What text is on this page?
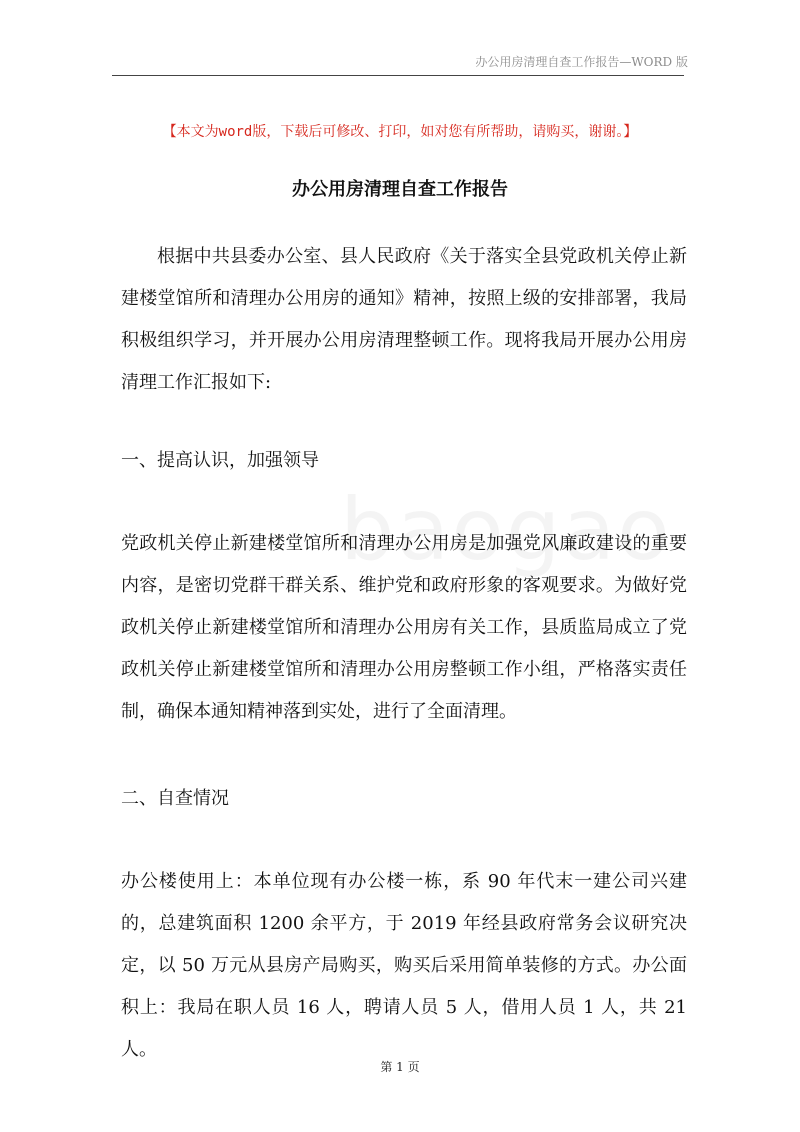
办公用房清理自查工作报告—WORD 版
【本文为word版，下载后可修改、打印，如对您有所帮助，请购买，谢谢。】
办公用房清理自查工作报告

根据中共县委办公室、县人民政府《关于落实全县党政机关停止新建楼堂馆所和清理办公用房的通知》精神，按照上级的安排部署，我局积极组织学习，并开展办公用房清理整顿工作。现将我局开展办公用房清理工作汇报如下:

一、提高认识，加强领导

党政机关停止新建楼堂馆所和清理办公用房是加强党风廉政建设的重要内容，是密切党群干群关系、维护党和政府形象的客观要求。为做好党政机关停止新建楼堂馆所和清理办公用房有关工作，县质监局成立了党政机关停止新建楼堂馆所和清理办公用房整顿工作小组，严格落实责任制，确保本通知精神落到实处，进行了全面清理。

二、自查情况

办公楼使用上：本单位现有办公楼一栋，系 90 年代末一建公司兴建的，总建筑面积 1200 余平方，于 2019 年经县政府常务会议研究决定，以 50 万元从县房产局购买，购买后采用简单装修的方式。办公面积上：我局在职人员 16 人，聘请人员 5 人，借用人员 1 人，共 21 人。

第 1 页
